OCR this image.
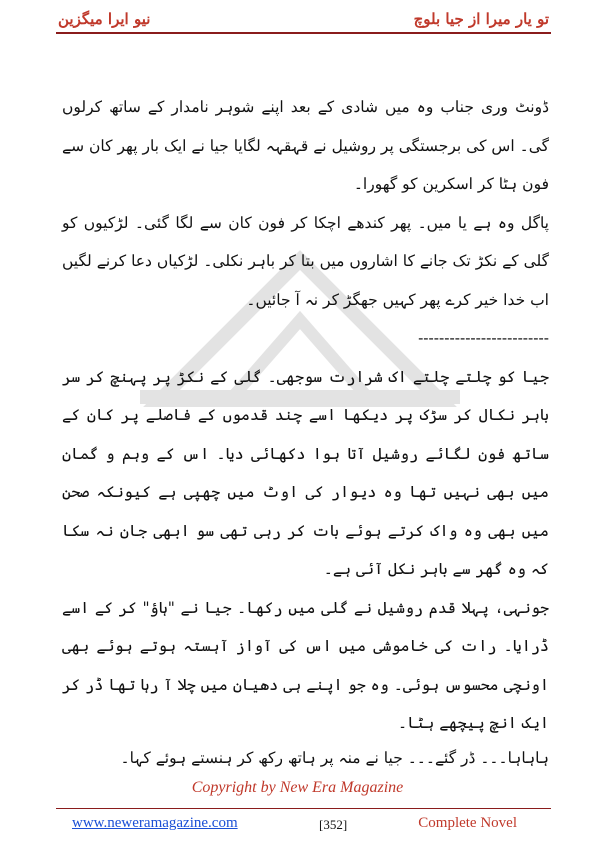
تو یار میرا از جیا بلوچ
نیو ایرا میگزین

ڈونٹ وری جناب وہ میں شادی کے بعد اپنے شوہر نامدار کے ساتھ کرلوں گی۔ اس کی برجستگی پر روشیل نے قہقہہ لگایا جیا نے ایک بار پھر کان سے فون ہٹا کر اسکرین کو گھورا۔

پاگل وہ ہے یا میں۔ پھر کندھے اچکا کر فون کان سے لگا گئی۔ لڑکیوں کو گلی کے نکڑ تک جانے کا اشاروں میں بتا کر باہر نکلی۔ لڑکیاں دعا کرنے لگیں اب خدا خیر کرے پھر کہیں جھگڑ کر نہ آ جائیں۔

-------------------------

جیا کو چلتے چلتے اک شرارت سوجھی۔ گلی کے نکڑ پر پہنچ کر سر باہر نکال کر سڑک پر دیکھا اسے چند قدموں کے فاصلے پر کان کے ساتھ فون لگائے روشیل آتا ہوا دکھائی دیا۔ اس کے وہم و گمان میں بھی نہیں تھا وہ دیوار کی اوٹ میں چھپی ہے کیونکہ صحن میں بھی وہ واک کرتے ہوئے بات کر رہی تھی سو ابھی جان نہ سکا کہ وہ گھر سے باہر نکل آئی ہے۔

جونہی، پہلا قدم روشیل نے گلی میں رکھا۔ جیا نے "ہاؤ" کر کے اسے ڈرایا۔ رات کی خاموشی میں اس کی آواز آہستہ ہوتے ہوئے بھی اونچی محسوس ہوئی۔ وہ جو اپنے ہی دھیان میں چلا آ رہا تھا ڈر کر ایک انچ پیچھے ہٹا۔

ہاہاہا۔۔۔ ڈر گئے۔۔۔ جیا نے منہ پر ہاتھ رکھ کر ہنستے ہوئے کہا۔

Copyright by New Era Magazine
www.neweramagazine.com	[352]	Complete Novel
